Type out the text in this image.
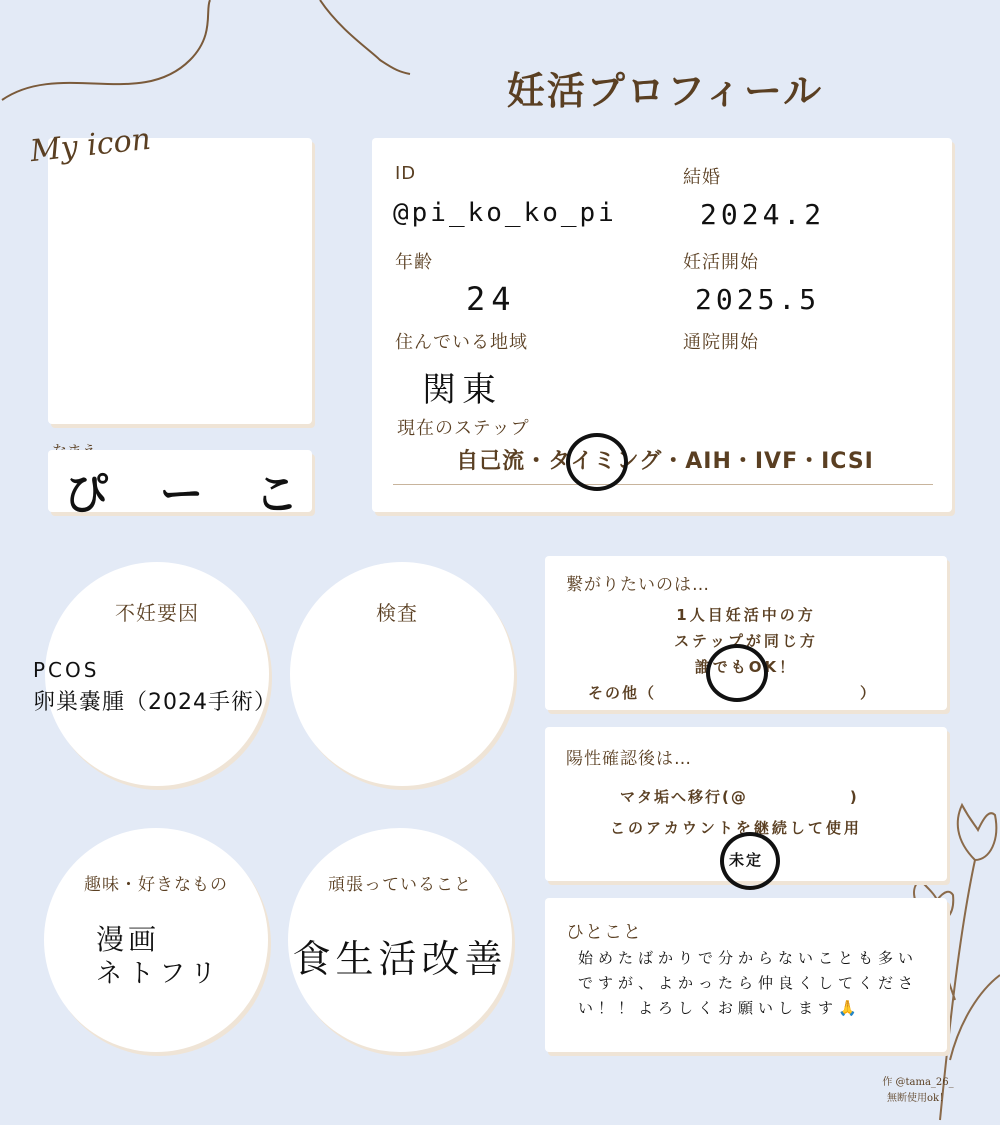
妊活プロフィール
My icon
ぴ ー こ
ID
@pi_ko_ko_pi
結婚
2024.2
年齢
24
妊活開始
2025.5
住んでいる地域
関東
通院開始
現在のステップ
自己流・タイミング・AIH・IVF・ICSI
不妊要因
PCOS
卵巣嚢腫（2024手術）
検査
趣味・好きなもの
漫画
ネトフリ
頑張っていること
食生活改善
繋がりたいのは…
1人目妊活中の方
ステップが同じ方
誰でもOK！
その他（　　　　　　　　　　　　）
陽性確認後は…
マタ垢へ移行(@　　　　　　)
このアカウントを継続して使用
未定
ひとこと
始めたばかりで分からないことも多いですが、よかったら仲良くしてください！！よろしくお願いします🙏
作 @tama_26_
無断使用ok！
